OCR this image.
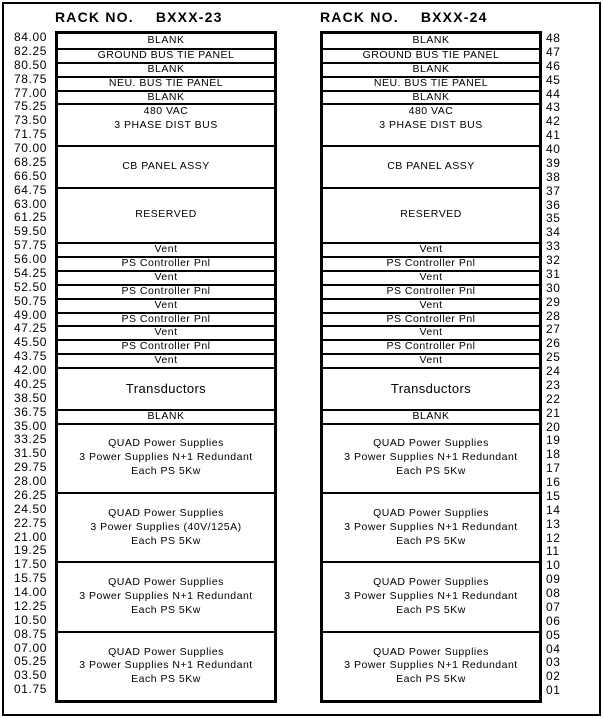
RACK NO. BXXX-23	RACK NO. BXXX-24
84.00
82.25
80.50
78.75
77.00
75.25
73.50
71.75
70.00
68.25
66.50
64.75
63.00
61.25
59.50
57.75
56.00
54.25
52.50
50.75
49.00
47.25
45.50
43.75
42.00
40.25
38.50
36.75
35.00
33.25
31.50
29.75
28.00
26.25
24.50
22.75
21.00
19.25
17.50
15.75
14.00
12.25
10.50
08.75
07.00
05.25
03.50
01.75
BLANK
GROUND BUS TIE PANEL
BLANK
NEU. BUS TIE PANEL
BLANK
480 VAC
3 PHASE DIST BUS
CB PANEL ASSY
RESERVED
Vent
PS Controller Pnl
Vent
PS Controller Pnl
Vent
PS Controller Pnl
Vent
PS Controller Pnl
Vent
Transductors
BLANK
QUAD Power Supplies
3 Power Supplies N+1 Redundant
Each PS 5Kw
QUAD Power Supplies
3 Power Supplies (40V/125A)
Each PS 5Kw
QUAD Power Supplies
3 Power Supplies N+1 Redundant
Each PS 5Kw
QUAD Power Supplies
3 Power Supplies N+1 Redundant
Each PS 5Kw
BLANK
GROUND BUS TIE PANEL
BLANK
NEU. BUS TIE PANEL
BLANK
480 VAC
3 PHASE DIST BUS
CB PANEL ASSY
RESERVED
Vent
PS Controller Pnl
Vent
PS Controller Pnl
Vent
PS Controller Pnl
Vent
PS Controller Pnl
Vent
Transductors
BLANK
QUAD Power Supplies
3 Power Supplies N+1 Redundant
Each PS 5Kw
QUAD Power Supplies
3 Power Supplies N+1 Redundant
Each PS 5Kw
QUAD Power Supplies
3 Power Supplies N+1 Redundant
Each PS 5Kw
QUAD Power Supplies
3 Power Supplies N+1 Redundant
Each PS 5Kw
48
47
46
45
44
43
42
41
40
39
38
37
36
35
34
33
32
31
30
29
28
27
26
25
24
23
22
21
20
19
18
17
16
15
14
13
12
11
10
09
08
07
06
05
04
03
02
01
